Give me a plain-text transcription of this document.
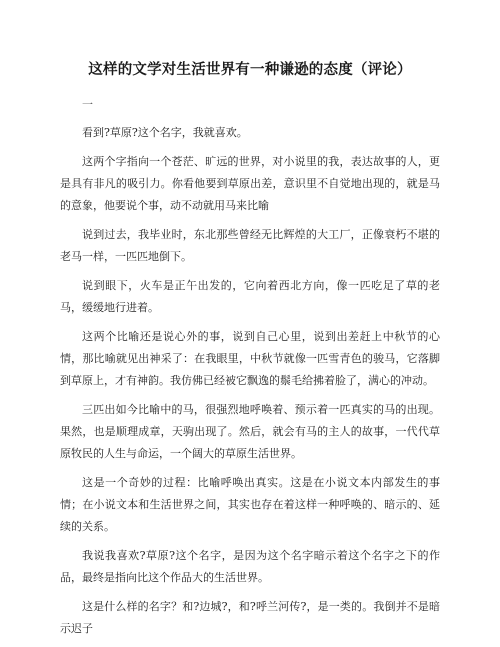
这样的文学对生活世界有一种谦逊的态度（评论）
一

看到?草原?这个名字，我就喜欢。

这两个字指向一个苍茫、旷远的世界，对小说里的我，表达故事的人，更是具有非凡的吸引力。你看他要到草原出差，意识里不自觉地出现的，就是马的意象，他要说个事，动不动就用马来比喻

说到过去，我毕业时，东北那些曾经无比辉煌的大工厂，正像衰朽不堪的老马一样，一匹匹地倒下。

说到眼下，火车是正午出发的，它向着西北方向，像一匹吃足了草的老马，缓缓地行进着。

这两个比喻还是说心外的事，说到自己心里，说到出差赶上中秋节的心情，那比喻就见出神采了：在我眼里，中秋节就像一匹雪青色的骏马，它落脚到草原上，才有神韵。我仿佛已经被它飘逸的鬃毛给拂着脸了，满心的冲动。

三匹出如今比喻中的马，很强烈地呼唤着、预示着一匹真实的马的出现。果然，也是顺理成章，天驹出现了。然后，就会有马的主人的故事，一代代草原牧民的人生与命运，一个阔大的草原生活世界。

这是一个奇妙的过程：比喻呼唤出真实。这是在小说文本内部发生的事情；在小说文本和生活世界之间，其实也存在着这样一种呼唤的、暗示的、延续的关系。

我说我喜欢?草原?这个名字，是因为这个名字暗示着这个名字之下的作品，最终是指向比这个作品大的生活世界。

这是什么样的名字？和?边城?，和?呼兰河传?，是一类的。我倒并不是暗示迟子
